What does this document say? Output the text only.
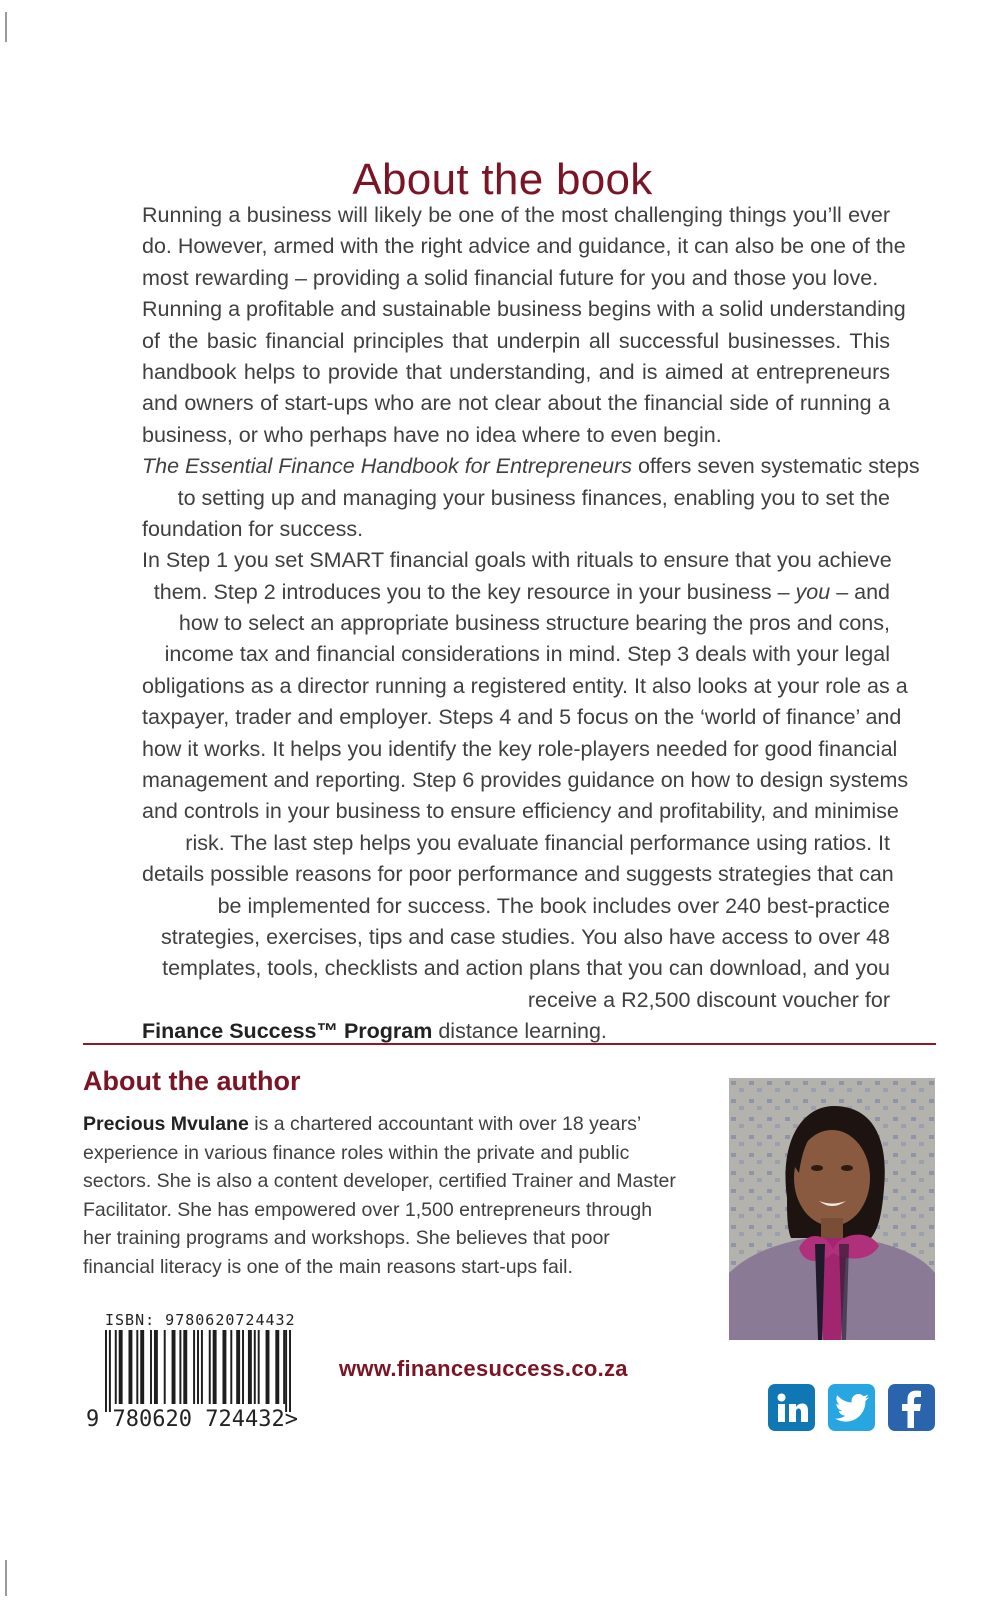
About the book
Running a business will likely be one of the most challenging things you’ll ever
do. However, armed with the right advice and guidance, it can also be one of the
most rewarding – providing a solid financial future for you and those you love.
Running a profitable and sustainable business begins with a solid understanding
of the basic financial principles that underpin all successful businesses. This
handbook helps to provide that understanding, and is aimed at entrepreneurs
and owners of start-ups who are not clear about the financial side of running a
business, or who perhaps have no idea where to even begin.
The Essential Finance Handbook for Entrepreneurs offers seven systematic steps
to setting up and managing your business finances, enabling you to set the
foundation for success.
In Step 1 you set SMART financial goals with rituals to ensure that you achieve
them. Step 2 introduces you to the key resource in your business – you – and
how to select an appropriate business structure bearing the pros and cons,
income tax and financial considerations in mind. Step 3 deals with your legal
obligations as a director running a registered entity. It also looks at your role as a
taxpayer, trader and employer. Steps 4 and 5 focus on the ‘world of finance’ and
how it works. It helps you identify the key role-players needed for good financial
management and reporting. Step 6 provides guidance on how to design systems
and controls in your business to ensure efficiency and profitability, and minimise
risk. The last step helps you evaluate financial performance using ratios. It
details possible reasons for poor performance and suggests strategies that can
be implemented for success. The book includes over 240 best-practice
strategies, exercises, tips and case studies. You also have access to over 48
templates, tools, checklists and action plans that you can download, and you
receive a R2,500 discount voucher for
Finance Success™ Program distance learning.
About the author
Precious Mvulane is a chartered accountant with over 18 years’
experience in various finance roles within the private and public
sectors. She is also a content developer, certified Trainer and Master
Facilitator. She has empowered over 1,500 entrepreneurs through
her training programs and workshops. She believes that poor
financial literacy is one of the main reasons start-ups fail.
ISBN: 9780620724432
9 780620 724432>
www.financesuccess.co.za
